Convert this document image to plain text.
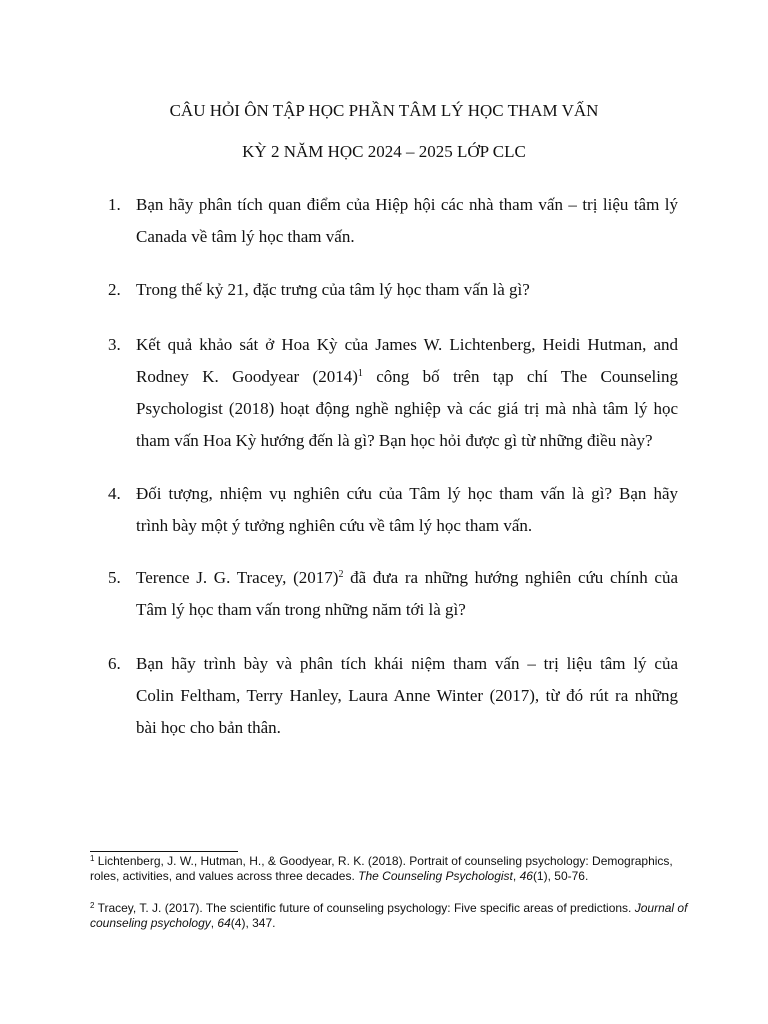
CÂU HỎI ÔN TẬP HỌC PHẦN TÂM LÝ HỌC THAM VẤN
KỲ 2 NĂM HỌC 2024 – 2025 LỚP CLC
1. Bạn hãy phân tích quan điểm của Hiệp hội các nhà tham vấn – trị liệu tâm lý
Canada về tâm lý học tham vấn.
2. Trong thế kỷ 21, đặc trưng của tâm lý học tham vấn là gì?
3. Kết quả khảo sát ở Hoa Kỳ của James W. Lichtenberg, Heidi Hutman, and
Rodney K. Goodyear $(2014)^1$ công bố trên tạp chí The Counseling
Psychologist (2018) hoạt động nghề nghiệp và các giá trị mà nhà tâm lý học
tham vấn Hoa Kỳ hướng đến là gì? Bạn học hỏi được gì từ những điều này?
4. Đối tượng, nhiệm vụ nghiên cứu của Tâm lý học tham vấn là gì? Bạn hãy
trình bày một ý tưởng nghiên cứu về tâm lý học tham vấn.
5. Terence J. G. Tracey, $(2017)^2$ đã đưa ra những hướng nghiên cứu chính của
Tâm lý học tham vấn trong những năm tới là gì?
6. Bạn hãy trình bày và phân tích khái niệm tham vấn – trị liệu tâm lý của
Colin Feltham, Terry Hanley, Laura Anne Winter (2017), từ đó rút ra những
bài học cho bản thân.
$^1$ Lichtenberg, J. W., Hutman, H., & Goodyear, R. K. (2018). Portrait of counseling psychology: Demographics, roles, activities, and values across three decades. The Counseling Psychologist, 46(1), 50-76.
$^2$ Tracey, T. J. (2017). The scientific future of counseling psychology: Five specific areas of predictions. Journal of counseling psychology, 64(4), 347.
